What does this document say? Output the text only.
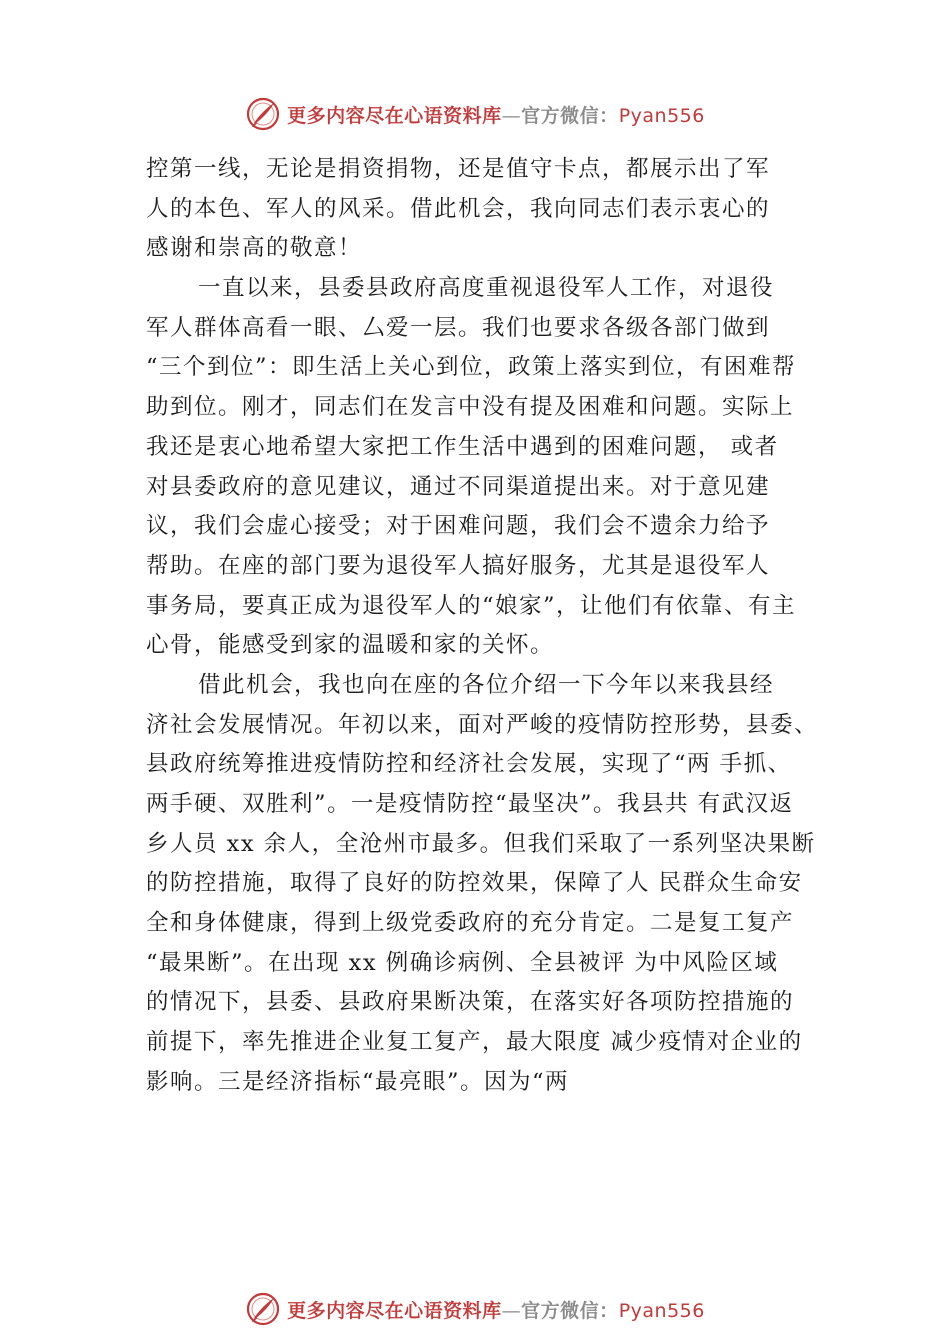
更多内容尽在心语资料库—官方微信：Pyan556
控第一线，无论是捐资捐物，还是值守卡点，都展示出了军
人的本色、军人的风采。借此机会，我向同志们表示衷心的
感谢和崇高的敬意！
一直以来，县委县政府高度重视退役军人工作，对退役
军人群体高看一眼、厶爱一层。我们也要求各级各部门做到
“三个到位”：即生活上关心到位，政策上落实到位，有困难帮
助到位。刚才，同志们在发言中没有提及困难和问题。实际上
我还是衷心地希望大家把工作生活中遇到的困难问题， 或者
对县委政府的意见建议，通过不同渠道提出来。对于意见建
议，我们会虚心接受；对于困难问题，我们会不遗余力给予
帮助。在座的部门要为退役军人搞好服务，尤其是退役军人
事务局，要真正成为退役军人的“娘家”，让他们有依靠、有主
心骨，能感受到家的温暖和家的关怀。
借此机会，我也向在座的各位介绍一下今年以来我县经
济社会发展情况。年初以来，面对严峻的疫情防控形势，县委、
县政府统筹推进疫情防控和经济社会发展，实现了“两 手抓、
两手硬、双胜利”。一是疫情防控“最坚决”。我县共 有武汉返
乡人员 xx 余人，全沧州市最多。但我们采取了一系列坚决果断
的防控措施，取得了良好的防控效果，保障了人 民群众生命安
全和身体健康，得到上级党委政府的充分肯定。二是复工复产
“最果断”。在出现 xx 例确诊病例、全县被评 为中风险区域
的情况下，县委、县政府果断决策，在落实好各项防控措施的
前提下，率先推进企业复工复产，最大限度 减少疫情对企业的
影响。三是经济指标“最亮眼”。因为“两
更多内容尽在心语资料库—官方微信：Pyan556
